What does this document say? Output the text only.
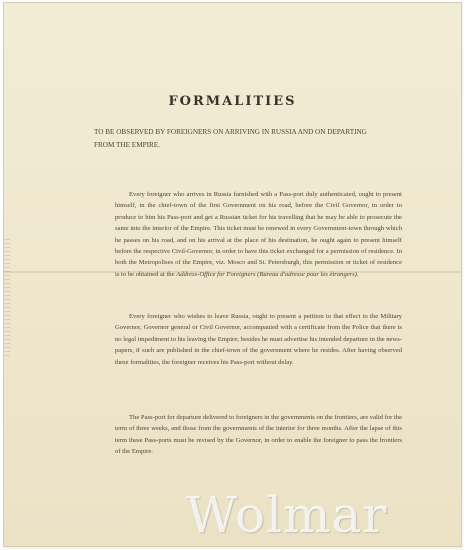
FORMALITIES
TO BE OBSERVED BY FOREIGNERS ON ARRIVING IN RUSSIA AND ON DEPARTING FROM THE EMPIRE.

Every foreigner who arrives in Russia furnished with a Pass-port duly authenticated, ought to present himself, in the chief-town of the first Government on his road, before the Civil Governor, in order to produce to him his Pass-port and get a Russian ticket for his travelling that he may be able to prosecute the same into the interior of the Empire. This ticket must be renewed in every Government-town through which he passes on his road, and on his arrival at the place of his destination, he ought again to present himself before the respective Civil-Governor, in order to have this ticket exchanged for a permission of residence. In both the Metropolises of the Empire, viz. Mosco and St. Petersburgh, this permission or ticket of residence is to be obtained at the Address-Office for Foreigners (Bureau d'adresse pour les étrangers).

Every foreigner who wishes to leave Russia, ought to present a petition to that effect to the Military Governor, Governor general or Civil Governor, accompanied with a certificate from the Police that there is no legal impediment to his leaving the Empire; besides he must advertise his intended departure in the news-papers, if such are published in the chief-town of the government where he resides. After having observed these formalities, the foreigner receives his Pass-port without delay.

The Pass-port for departure delivered to foreigners in the governments on the frontiers, are valid for the term of three weeks, and those from the governments of the interior for three months. After the lapse of this term these Pass-ports must be revised by the Governor, in order to enable the foreigner to pass the frontiers of the Empire.

Wolmar
